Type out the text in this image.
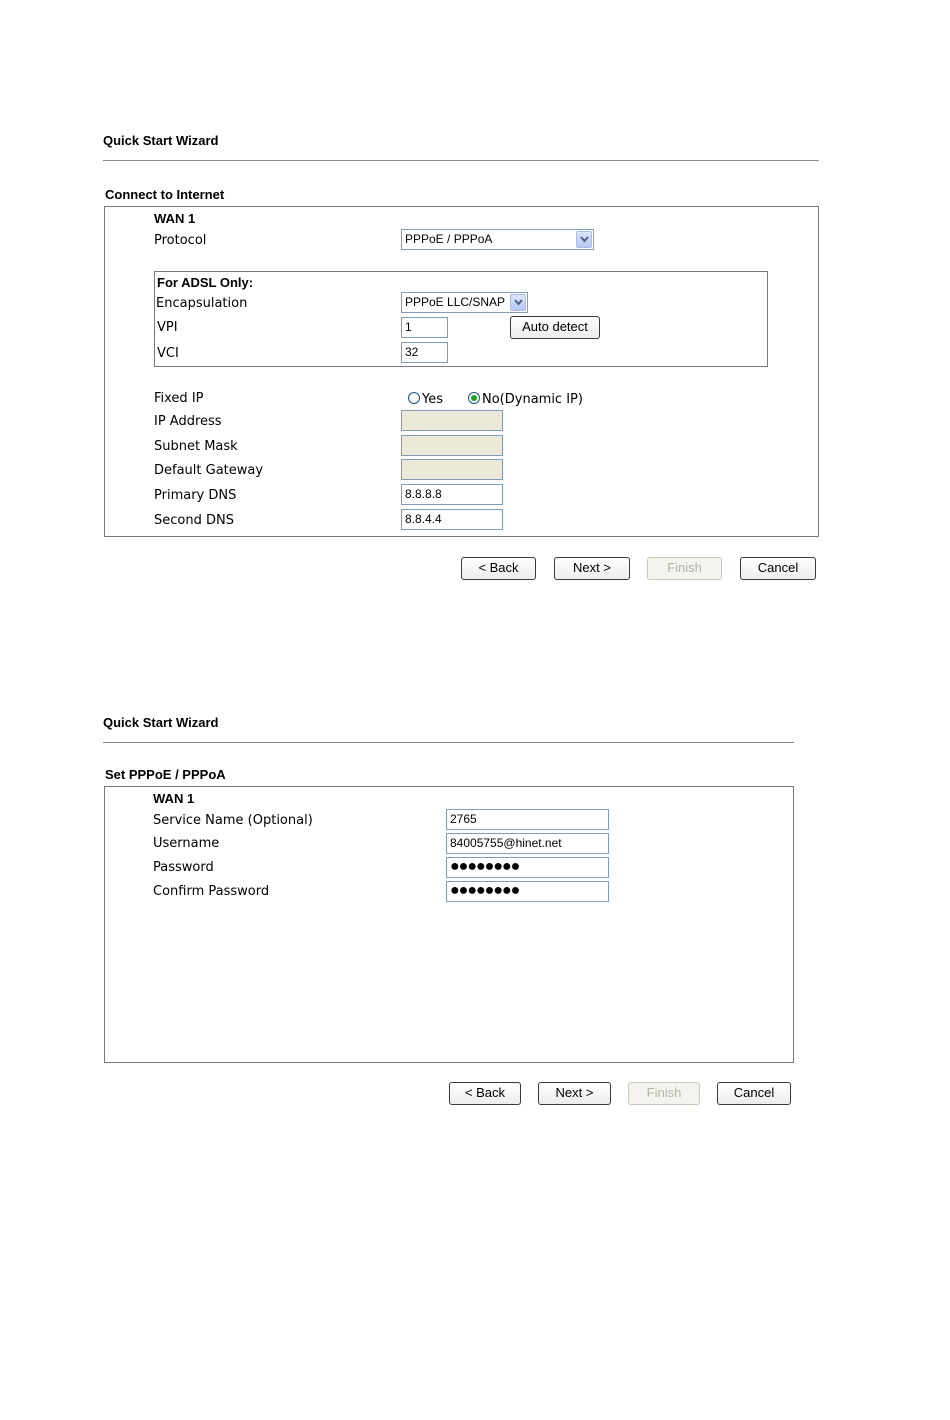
Quick Start Wizard
Connect to Internet
WAN 1
Protocol	PPPoE / PPPoA
For ADSL Only:
Encapsulation	PPPoE LLC/SNAP
VPI	1	Auto detect
VCI	32
Fixed IP	Yes	No(Dynamic IP)
IP Address
Subnet Mask
Default Gateway
Primary DNS	8.8.8.8
Second DNS	8.8.4.4
< Back	Next >	Finish	Cancel
Quick Start Wizard
Set PPPoE / PPPoA
WAN 1
Service Name (Optional)	2765
Username	84005755@hinet.net
Password	●●●●●●●●
Confirm Password	●●●●●●●●
< Back	Next >	Finish	Cancel
